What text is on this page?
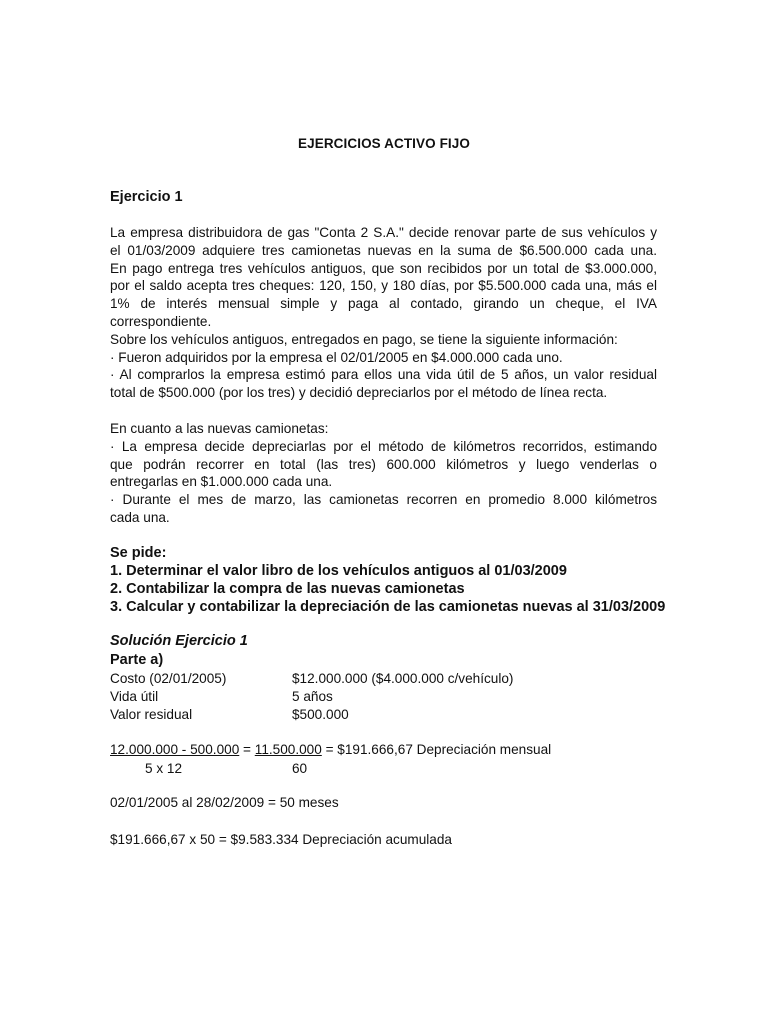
EJERCICIOS ACTIVO FIJO
Ejercicio 1
La empresa distribuidora de gas "Conta 2 S.A." decide renovar parte de sus vehículos y
el 01/03/2009 adquiere tres camionetas nuevas en la suma de $6.500.000 cada una.
En pago entrega tres vehículos antiguos, que son recibidos por un total de $3.000.000,
por el saldo acepta tres cheques: 120, 150, y 180 días, por $5.500.000 cada una, más el
1% de interés mensual simple y paga al contado, girando un cheque, el IVA
correspondiente.
Sobre los vehículos antiguos, entregados en pago, se tiene la siguiente información:
· Fueron adquiridos por la empresa el 02/01/2005 en $4.000.000 cada uno.
· Al comprarlos la empresa estimó para ellos una vida útil de 5 años, un valor residual
total de $500.000 (por los tres) y decidió depreciarlos por el método de línea recta.
En cuanto a las nuevas camionetas:
· La empresa decide depreciarlas por el método de kilómetros recorridos, estimando
que podrán recorrer en total (las tres) 600.000 kilómetros y luego venderlas o
entregarlas en $1.000.000 cada una.
· Durante el mes de marzo, las camionetas recorren en promedio 8.000 kilómetros
cada una.
Se pide:
1. Determinar el valor libro de los vehículos antiguos al 01/03/2009
2. Contabilizar la compra de las nuevas camionetas
3. Calcular y contabilizar la depreciación de las camionetas nuevas al 31/03/2009
Solución Ejercicio 1
Parte a)
Costo (02/01/2005)	$12.000.000 ($4.000.000 c/vehículo)
Vida útil	5 años
Valor residual	$500.000
12.000.000 - 500.000 = 11.500.000 = $191.666,67 Depreciación mensual
5 x 12	60
02/01/2005 al 28/02/2009 = 50 meses
$191.666,67 x 50 = $9.583.334 Depreciación acumulada
